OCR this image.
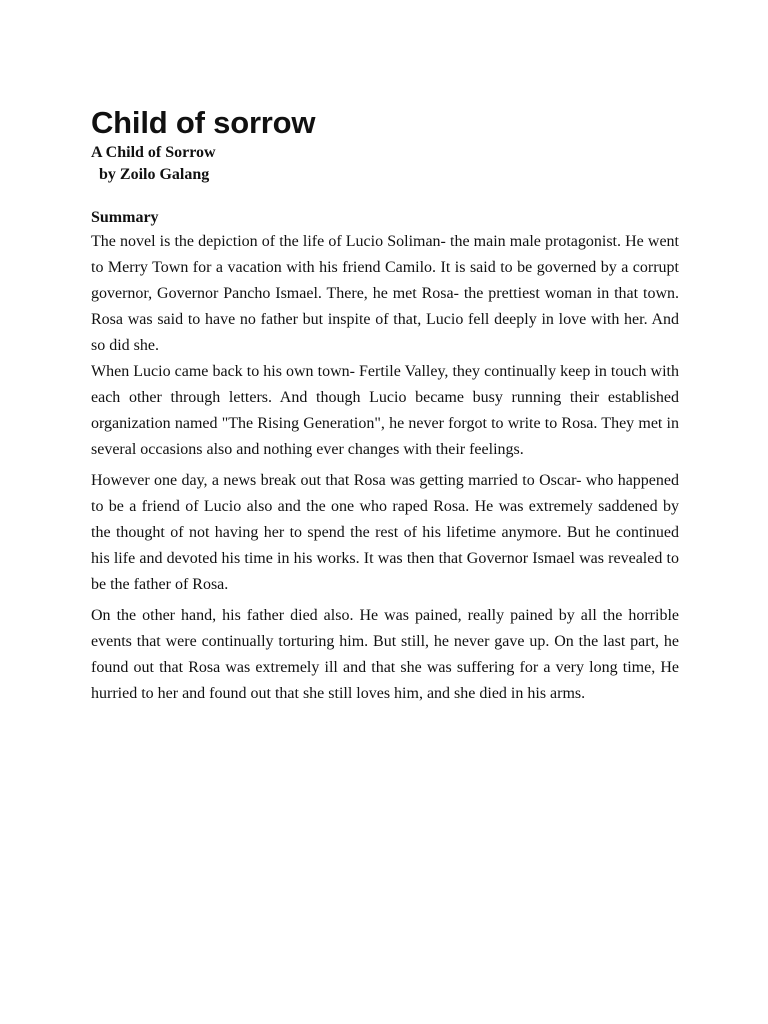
Child of sorrow

A Child of Sorrow

by Zoilo Galang

Summary

The novel is the depiction of the life of Lucio Soliman- the main male protagonist. He went to Merry Town for a vacation with his friend Camilo. It is said to be governed by a corrupt governor, Governor Pancho Ismael. There, he met Rosa- the prettiest woman in that town. Rosa was said to have no father but inspite of that, Lucio fell deeply in love with her. And so did she.

When Lucio came back to his own town- Fertile Valley, they continually keep in touch with each other through letters. And though Lucio became busy running their established organization named "The Rising Generation", he never forgot to write to Rosa. They met in several occasions also and nothing ever changes with their feelings.

However one day, a news break out that Rosa was getting married to Oscar- who happened to be a friend of Lucio also and the one who raped Rosa. He was extremely saddened by the thought of not having her to spend the rest of his lifetime anymore. But he continued his life and devoted his time in his works. It was then that Governor Ismael was revealed to be the father of Rosa.

On the other hand, his father died also. He was pained, really pained by all the horrible events that were continually torturing him. But still, he never gave up. On the last part, he found out that Rosa was extremely ill and that she was suffering for a very long time, He hurried to her and found out that she still loves him, and she died in his arms.
